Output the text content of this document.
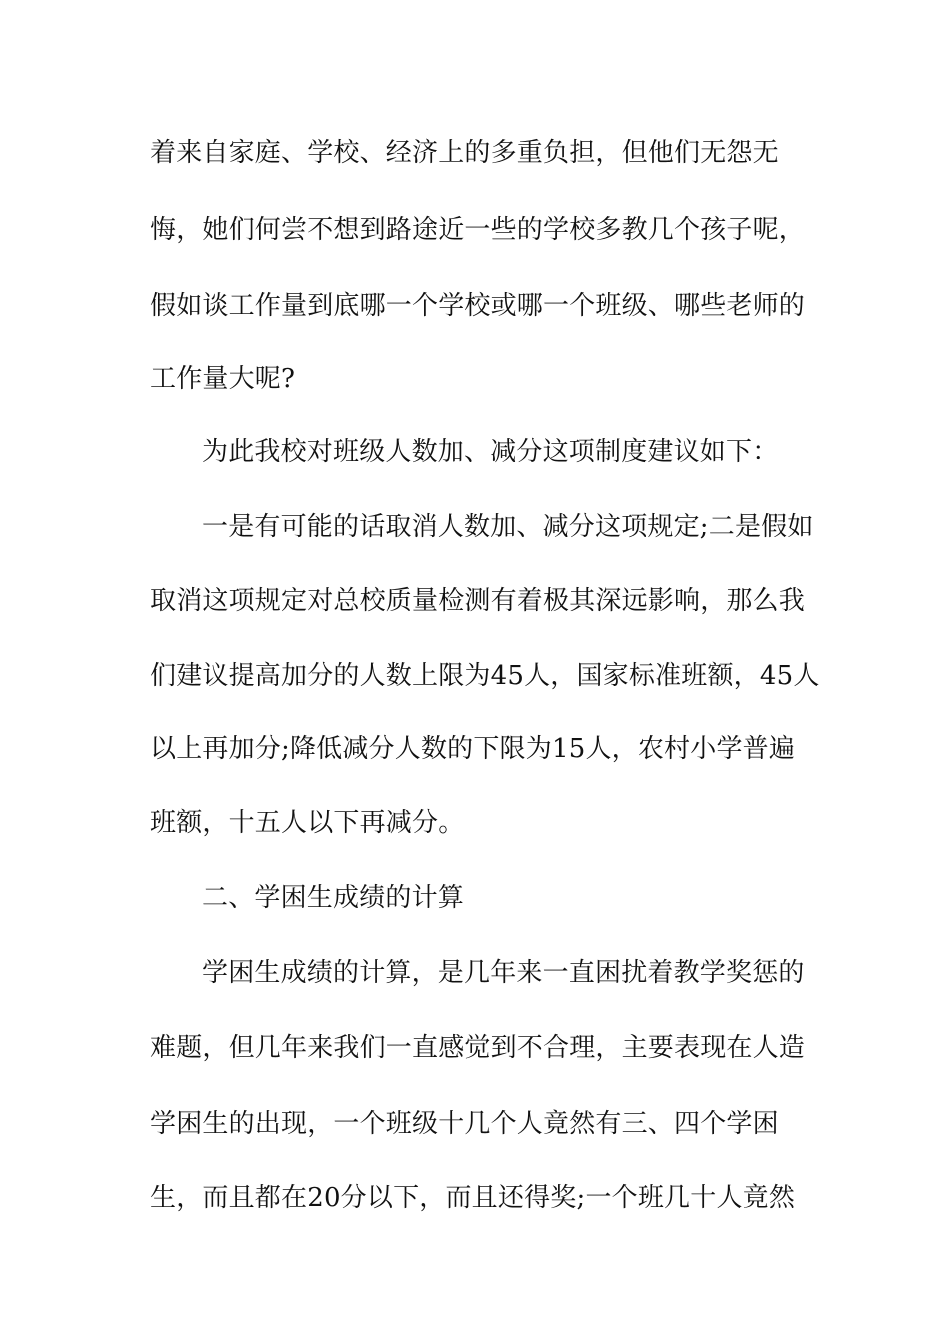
着来自家庭、学校、经济上的多重负担，但他们无怨无
悔，她们何尝不想到路途近一些的学校多教几个孩子呢，
假如谈工作量到底哪一个学校或哪一个班级、哪些老师的
工作量大呢?
为此我校对班级人数加、减分这项制度建议如下：
一是有可能的话取消人数加、减分这项规定;二是假如
取消这项规定对总校质量检测有着极其深远影响，那么我
们建议提高加分的人数上限为45人，国家标准班额，45人
以上再加分;降低减分人数的下限为15人，农村小学普遍
班额，十五人以下再减分。
二、学困生成绩的计算
学困生成绩的计算，是几年来一直困扰着教学奖惩的
难题，但几年来我们一直感觉到不合理，主要表现在人造
学困生的出现，一个班级十几个人竟然有三、四个学困
生，而且都在20分以下，而且还得奖;一个班几十人竟然
